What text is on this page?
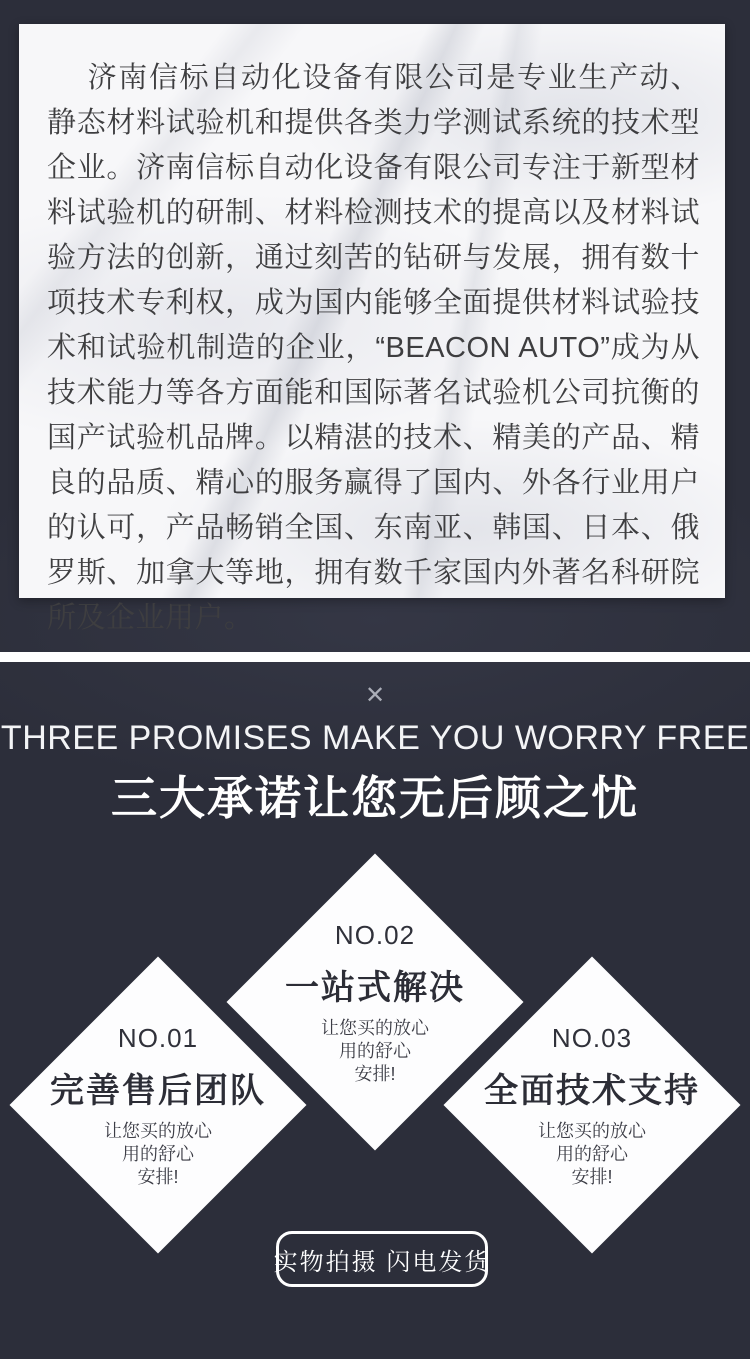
济南信标自动化设备有限公司是专业生产动、静态材料试验机和提供各类力学测试系统的技术型企业。济南信标自动化设备有限公司专注于新型材料试验机的研制、材料检测技术的提高以及材料试验方法的创新，通过刻苦的钻研与发展，拥有数十项技术专利权，成为国内能够全面提供材料试验技术和试验机制造的企业，“BEACON AUTO”成为从技术能力等各方面能和国际著名试验机公司抗衡的国产试验机品牌。以精湛的技术、精美的产品、精良的品质、精心的服务赢得了国内、外各行业用户的认可，产品畅销全国、东南亚、韩国、日本、俄罗斯、加拿大等地，拥有数千家国内外著名科研院所及企业用户。

✕
THREE PROMISES MAKE YOU WORRY FREE
三大承诺让您无后顾之忧
NO.01
完善售后团队
让您买的放心
用的舒心
安排!
NO.02
一站式解决
让您买的放心
用的舒心
安排!
NO.03
全面技术支持
让您买的放心
用的舒心
安排!
实物拍摄 闪电发货
